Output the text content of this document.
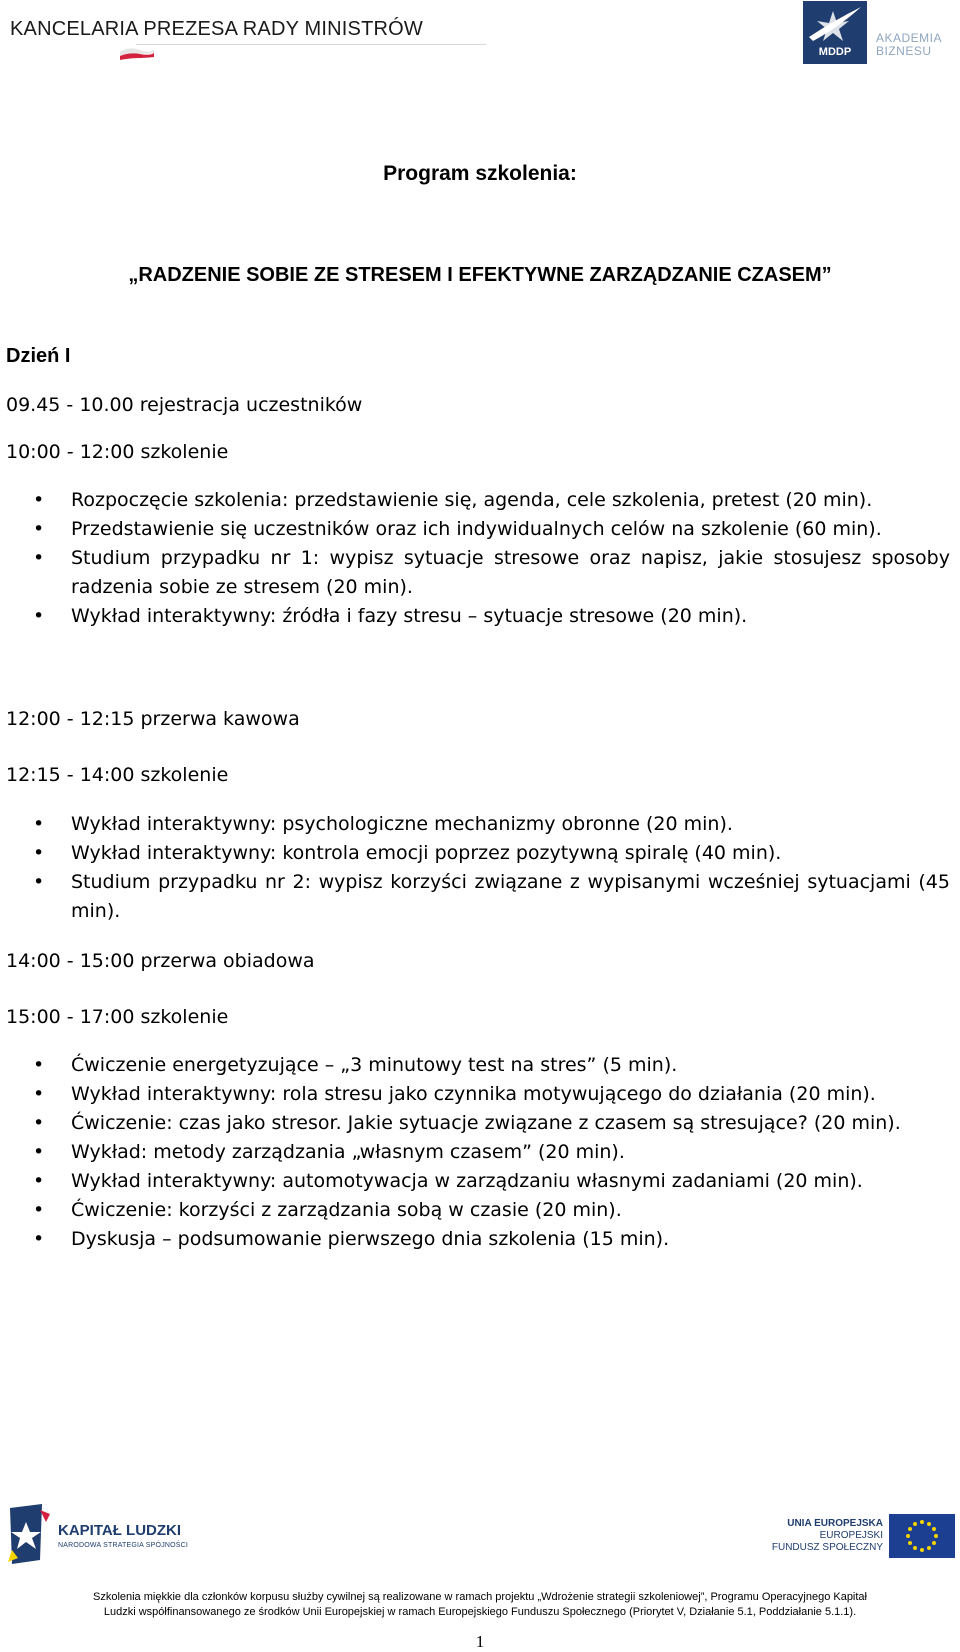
KANCELARIA PREZESA RADY MINISTRÓW
MDDP
AKADEMIA
BIZNESU
Program szkolenia:
„RADZENIE SOBIE ZE STRESEM I EFEKTYWNE ZARZĄDZANIE CZASEM”

Dzień I

09.45 - 10.00 rejestracja uczestników

10:00 - 12:00 szkolenie

• Rozpoczęcie szkolenia: przedstawienie się, agenda, cele szkolenia, pretest (20 min).
• Przedstawienie się uczestników oraz ich indywidualnych celów na szkolenie (60 min).
• Studium przypadku nr 1: wypisz sytuacje stresowe oraz napisz, jakie stosujesz sposoby radzenia sobie ze stresem (20 min).
• Wykład interaktywny: źródła i fazy stresu – sytuacje stresowe (20 min).

12:00 - 12:15 przerwa kawowa

12:15 - 14:00 szkolenie

• Wykład interaktywny: psychologiczne mechanizmy obronne (20 min).
• Wykład interaktywny: kontrola emocji poprzez pozytywną spiralę (40 min).
• Studium przypadku nr 2: wypisz korzyści związane z wypisanymi wcześniej sytuacjami (45 min).

14:00 - 15:00 przerwa obiadowa

15:00 - 17:00 szkolenie

• Ćwiczenie energetyzujące – „3 minutowy test na stres” (5 min).
• Wykład interaktywny: rola stresu jako czynnika motywującego do działania (20 min).
• Ćwiczenie: czas jako stresor. Jakie sytuacje związane z czasem są stresujące? (20 min).
• Wykład: metody zarządzania „własnym czasem” (20 min).
• Wykład interaktywny: automotywacja w zarządzaniu własnymi zadaniami (20 min).
• Ćwiczenie: korzyści z zarządzania sobą w czasie (20 min).
• Dyskusja – podsumowanie pierwszego dnia szkolenia (15 min).
KAPITAŁ LUDZKI
NARODOWA STRATEGIA SPÓJNOŚCI
UNIA EUROPEJSKA
EUROPEJSKI
FUNDUSZ SPOŁECZNY

Szkolenia miękkie dla członków korpusu służby cywilnej są realizowane w ramach projektu „Wdrożenie strategii szkoleniowej”, Programu Operacyjnego Kapitał
Ludzki współfinansowanego ze środków Unii Europejskiej w ramach Europejskiego Funduszu Społecznego (Priorytet V, Działanie 5.1, Poddziałanie 5.1.1).

1
